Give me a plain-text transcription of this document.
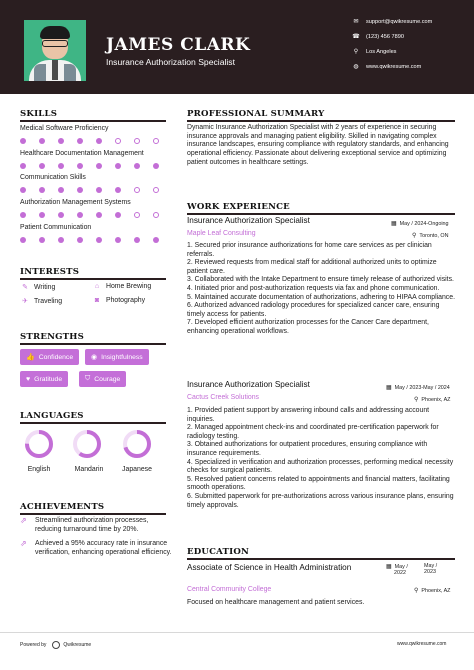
JAMES CLARK
Insurance Authorization Specialist
✉ support@qwikresume.com
☎ (123) 456 7890
⚲	Los Angeles
◍ www.qwikresume.com
SKILLS
Medical Software Proficiency
Healthcare Documentation Management
Communication Skills
Authorization Management Systems
Patient Communication
INTERESTS
✎ Writing	⌂ Home Brewing
✈ Traveling	◙ Photography
STRENGTHS
👍 Confidence	◉ Insightfulness
♥ Gratitude	⛉ Courage
LANGUAGES
English	Mandarin	Japanese
ACHIEVEMENTS
⇗	Streamlined authorization processes, reducing turnaround time by 20%.
⇗	Achieved a 95% accuracy rate in insurance verification, enhancing operational efficiency.
PROFESSIONAL SUMMARY
Dynamic Insurance Authorization Specialist with 2 years of experience in securing insurance approvals and managing patient eligibility. Skilled in navigating complex insurance landscapes, ensuring compliance with regulatory standards, and enhancing operational efficiency. Passionate about delivering exceptional service and optimizing patient outcomes in healthcare settings.
WORK EXPERIENCE
Insurance Authorization Specialist	▦ May / 2024-Ongoing
Maple Leaf Consulting	⚲ Toronto, ON
1. Secured prior insurance authorizations for home care services as per clinician referrals.
2. Reviewed requests from medical staff for additional authorized units to optimize patient care.
3. Collaborated with the Intake Department to ensure timely release of authorized visits.
4. Initiated prior and post-authorization requests via fax and phone communication.
5. Maintained accurate documentation of authorizations, adhering to HIPAA compliance.
6. Authorized advanced radiology procedures for specialized cancer care, ensuring timely access for patients.
7. Developed efficient authorization processes for the Cancer Care department, enhancing operational workflows.
Insurance Authorization Specialist	▦ May / 2023-May / 2024
Cactus Creek Solutions	⚲ Phoenix, AZ
1. Provided patient support by answering inbound calls and addressing account inquiries.
2. Managed appointment check-ins and coordinated pre-certification paperwork for radiology testing.
3. Obtained authorizations for outpatient procedures, ensuring compliance with insurance requirements.
4. Specialized in verification and authorization processes, performing medical necessity checks for surgical patients.
5. Resolved patient concerns related to appointments and financial matters, facilitating smooth operations.
6. Submitted paperwork for pre-authorizations across various insurance plans, ensuring timely approvals.
EDUCATION
Associate of Science in Health Administration	▦ May /
2022
May /
2023
Central Community College	⚲ Phoenix, AZ
Focused on healthcare management and patient services.
Powered by	Qwikresume	www.qwikresume.com
